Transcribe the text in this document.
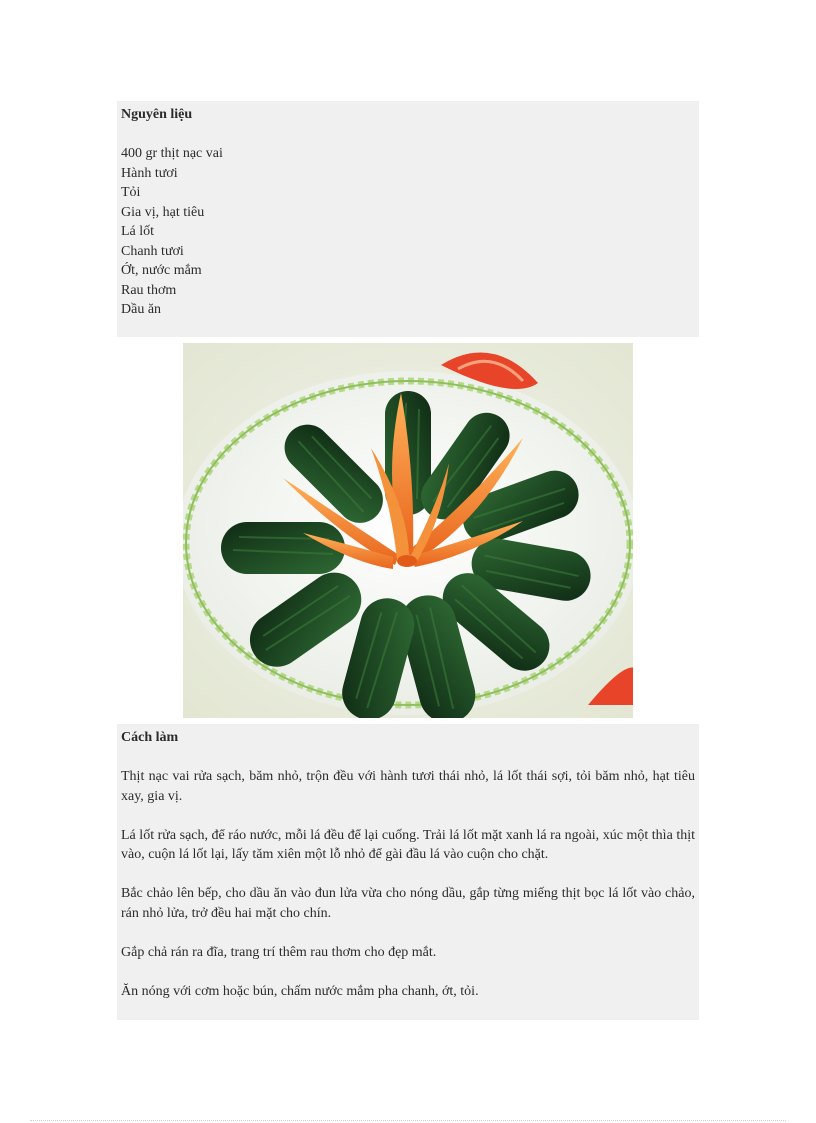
Nguyên liệu

400 gr thịt nạc vai
Hành tươi
Tỏi
Gia vị, hạt tiêu
Lá lốt
Chanh tươi
Ớt, nước mắm
Rau thơm
Dầu ăn

Cách làm

Thịt nạc vai rửa sạch, băm nhỏ, trộn đều với hành tươi thái nhỏ, lá lốt thái sợi, tỏi băm nhỏ, hạt tiêu xay, gia vị.

Lá lốt rửa sạch, để ráo nước, mỗi lá đều để lại cuống. Trải lá lốt mặt xanh lá ra ngoài, xúc một thìa thịt vào, cuộn lá lốt lại, lấy tăm xiên một lỗ nhỏ để gài đầu lá vào cuộn cho chặt.

Bắc chảo lên bếp, cho dầu ăn vào đun lửa vừa cho nóng dầu, gắp từng miếng thịt bọc lá lốt vào chảo, rán nhỏ lửa, trở đều hai mặt cho chín.

Gắp chả rán ra đĩa, trang trí thêm rau thơm cho đẹp mắt.

Ăn nóng với cơm hoặc bún, chấm nước mắm pha chanh, ớt, tỏi.
